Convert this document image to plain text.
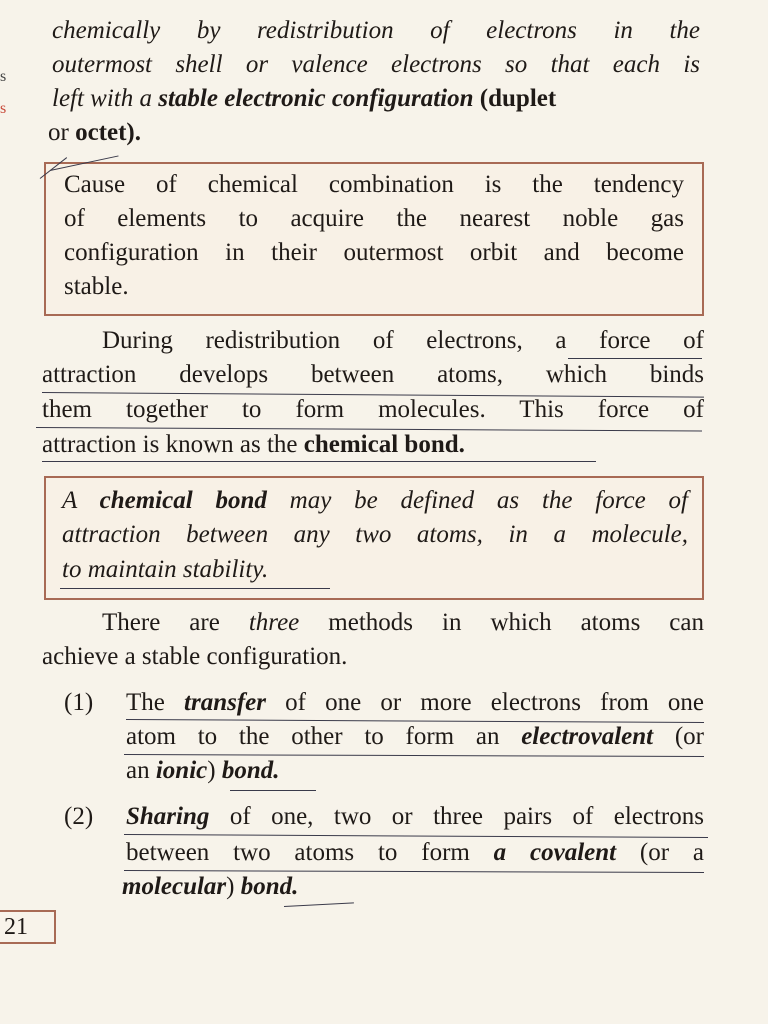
s
s
chemically by redistribution of electrons in the
outermost shell or valence electrons so that each is
left with a stable electronic configuration (duplet
or octet).
Cause of chemical combination is the tendency
of elements to acquire the nearest noble gas
configuration in their outermost orbit and become
stable.
During redistribution of electrons, a force of
attraction develops between atoms, which binds
them together to form molecules. This force of
attraction is known as the chemical bond.
A chemical bond may be defined as the force of
attraction between any two atoms, in a molecule,
to maintain stability.
There are three methods in which atoms can
achieve a stable configuration.
(1) The transfer of one or more electrons from one
atom to the other to form an electrovalent (or
an ionic) bond.
(2) Sharing of one, two or three pairs of electrons
between two atoms to form a covalent (or a
molecular) bond.
21
